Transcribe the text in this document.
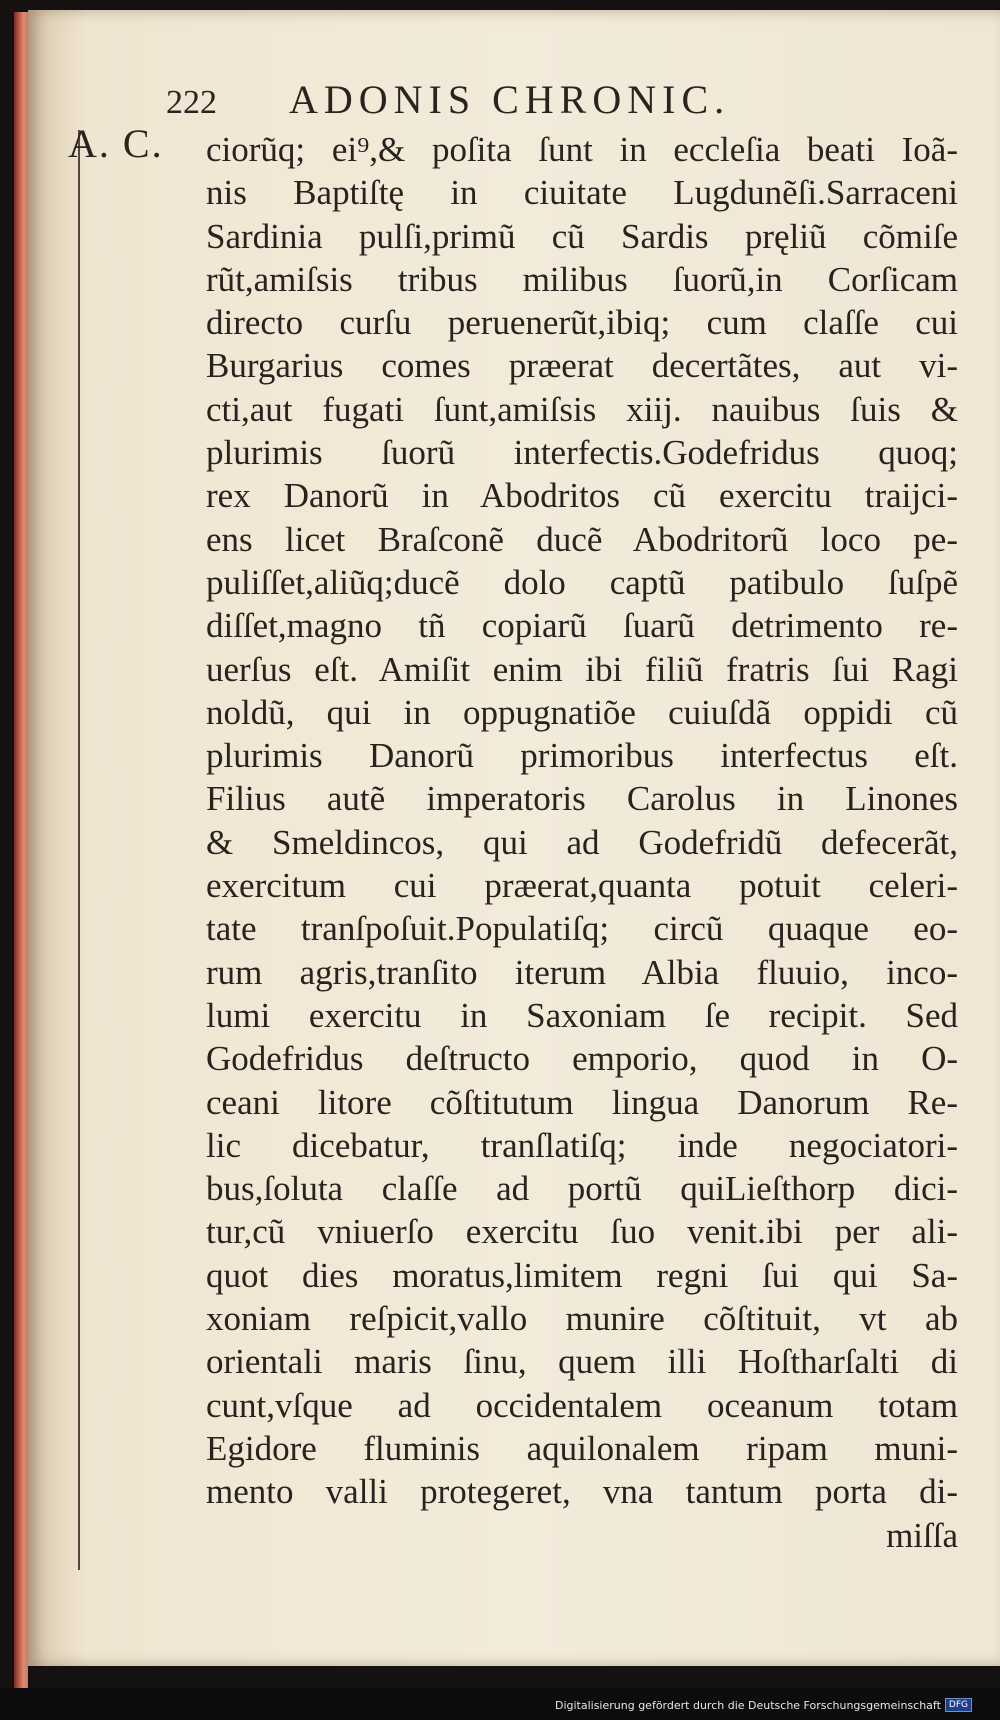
222 ADONIS CHRONIC.
A. C. ciorũq; ei⁹,& poſita ſunt in eccleſia beati Ioã-
nis Baptiſtę in ciuitate Lugdunẽſi.Sarraceni
Sardinia pulſi,primũ cũ Sardis pręliũ cõmiſe
rũt,amiſsis tribus milibus ſuorũ,in Corſicam
directo curſu peruenerũt,ibiq; cum claſſe cui
Burgarius comes præerat decertãtes, aut vi-
cti,aut fugati ſunt,amiſsis xiij. nauibus ſuis &
plurimis ſuorũ interfectis.Godefridus quoq;
rex Danorũ in Abodritos cũ exercitu traijci-
ens licet Braſconẽ ducẽ Abodritorũ loco pe-
puliſſet,aliũq;ducẽ dolo captũ patibulo ſuſpẽ
diſſet,magno tñ copiarũ ſuarũ detrimento re-
uerſus eſt. Amiſit enim ibi filiũ fratris ſui Ragi
noldũ, qui in oppugnatiõe cuiuſdã oppidi cũ
plurimis Danorũ primoribus interfectus eſt.
Filius autẽ imperatoris Carolus in Linones
& Smeldincos, qui ad Godefridũ defecerãt,
exercitum cui præerat,quanta potuit celeri-
tate tranſpoſuit.Populatiſq; circũ quaque eo-
rum agris,tranſito iterum Albia fluuio, inco-
lumi exercitu in Saxoniam ſe recipit. Sed
Godefridus deſtructo emporio, quod in O-
ceani litore cõſtitutum lingua Danorum Re-
lic dicebatur, tranſlatiſq; inde negociatori-
bus,ſoluta claſſe ad portũ quiLieſthorp dici-
tur,cũ vniuerſo exercitu ſuo venit.ibi per ali-
quot dies moratus,limitem regni ſui qui Sa-
xoniam reſpicit,vallo munire cõſtituit, vt ab
orientali maris ſinu, quem illi Hoſtharſalti di
cunt,vſque ad occidentalem oceanum totam
Egidore fluminis aquilonalem ripam muni-
mento valli protegeret, vna tantum porta di-
miſſa
Digitalisierung gefördert durch die Deutsche Forschungsgemeinschaft DFG
